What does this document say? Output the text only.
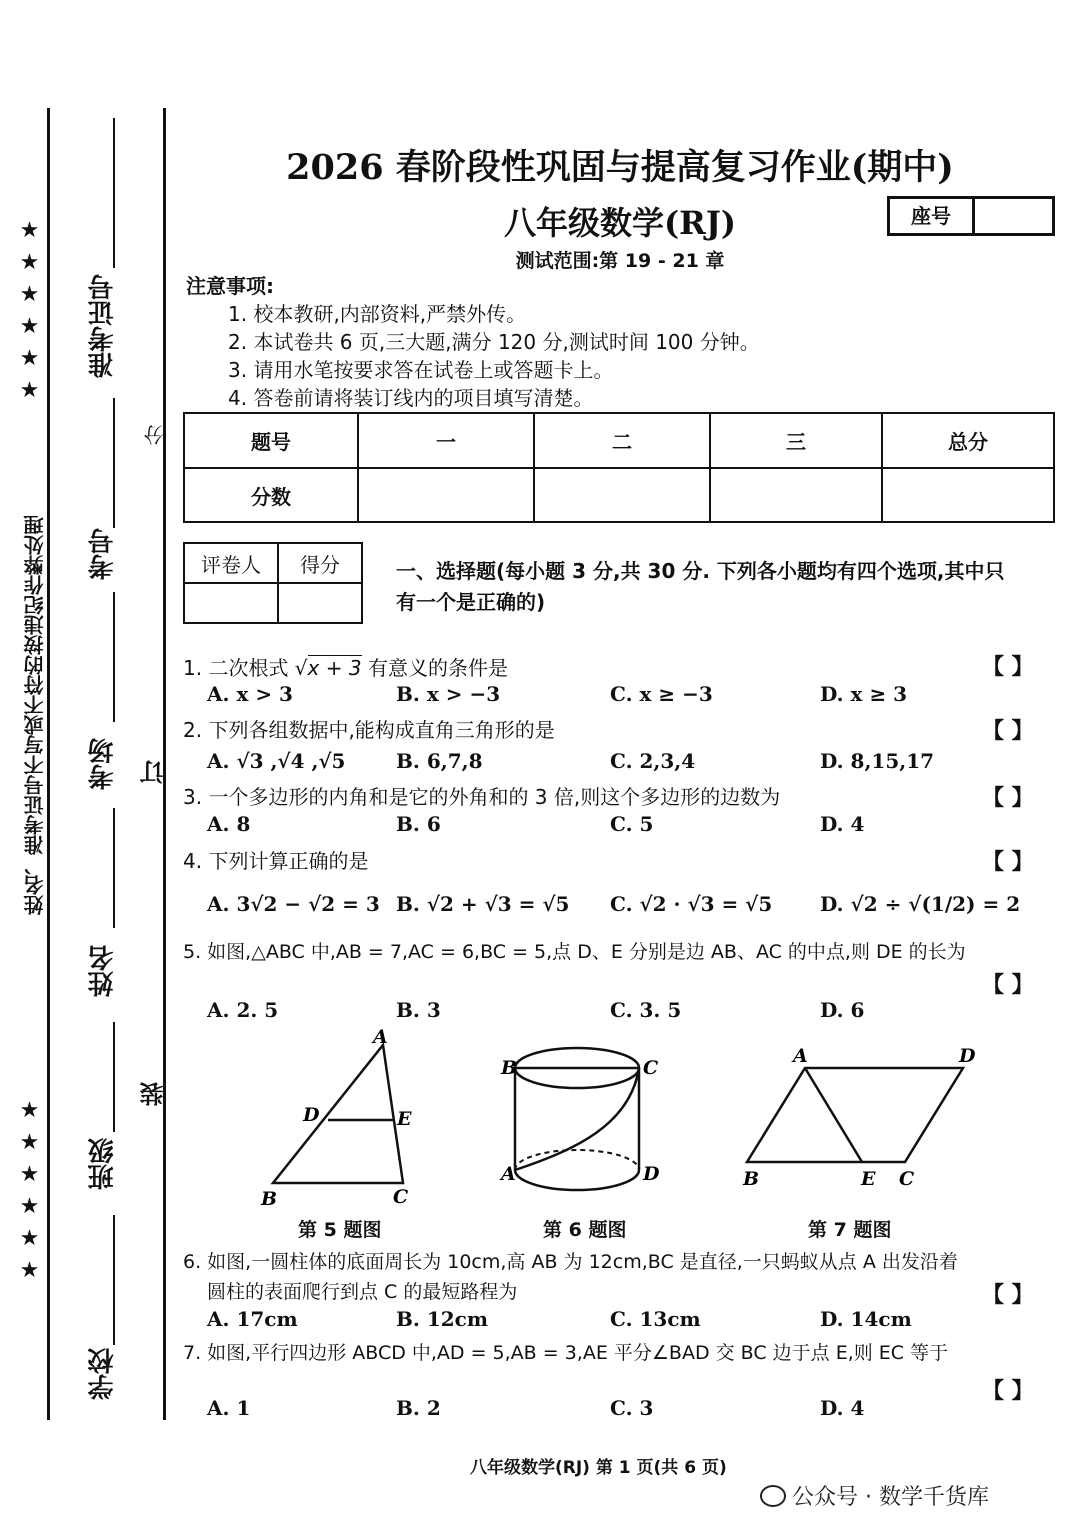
★ ★ ★ ★ ★ ★
★ ★ ★ ★ ★ ★
姓名、准考证号不写或不符的按违纪作弊处理
准考证号
考号
考场
姓名
班级
学校
分
订
装
2026 春阶段性巩固与提高复习作业(期中)
八年级数学(RJ)
测试范围:第 19 - 21 章
座号
注意事项:
1. 校本教研,内部资料,严禁外传。
2. 本试卷共 6 页,三大题,满分 120 分,测试时间 100 分钟。
3. 请用水笔按要求答在试卷上或答题卡上。
4. 答卷前请将装订线内的项目填写清楚。
题号	一	二	三	总分
分数				
评卷人	得分
		一、选择题(每小题 3 分,共 30 分. 下列各小题均有四个选项,其中只
有一个是正确的)
1. 二次根式 √x + 3 有意义的条件是	【 】
A. x > 3	B. x > −3	C. x ≥ −3	D. x ≥ 3
2. 下列各组数据中,能构成直角三角形的是	【 】
A. √3 ,√4 ,√5	B. 6,7,8	C. 2,3,4	D. 8,15,17
3. 一个多边形的内角和是它的外角和的 3 倍,则这个多边形的边数为	【 】
A. 8	B. 6	C. 5	D. 4
4. 下列计算正确的是	【 】
A. 3√2 − √2 = 3 B. √2 + √3 = √5 C. √2 · √3 = √5 D. √2 ÷ √(1/2) = 2
5. 如图,△ABC 中,AB = 7,AC = 6,BC = 5,点 D、E 分别是边 AB、AC 的中点,则 DE 的长为
【 】
A. 2. 5	B. 3	C. 3. 5	D. 6
A
B	C
D	E
第 5 题图
B	C
A	D
第 6 题图
A	D
B	E C
第 7 题图
6. 如图,一圆柱体的底面周长为 10cm,高 AB 为 12cm,BC 是直径,一只蚂蚁从点 A 出发沿着
圆柱的表面爬行到点 C 的最短路程为	【 】
A. 17cm	B. 12cm	C. 13cm	D. 14cm
7. 如图,平行四边形 ABCD 中,AD = 5,AB = 3,AE 平分∠BAD 交 BC 边于点 E,则 EC 等于
【 】
A. 1	B. 2	C. 3	D. 4
八年级数学(RJ) 第 1 页(共 6 页)
公众号 · 数学千货库
